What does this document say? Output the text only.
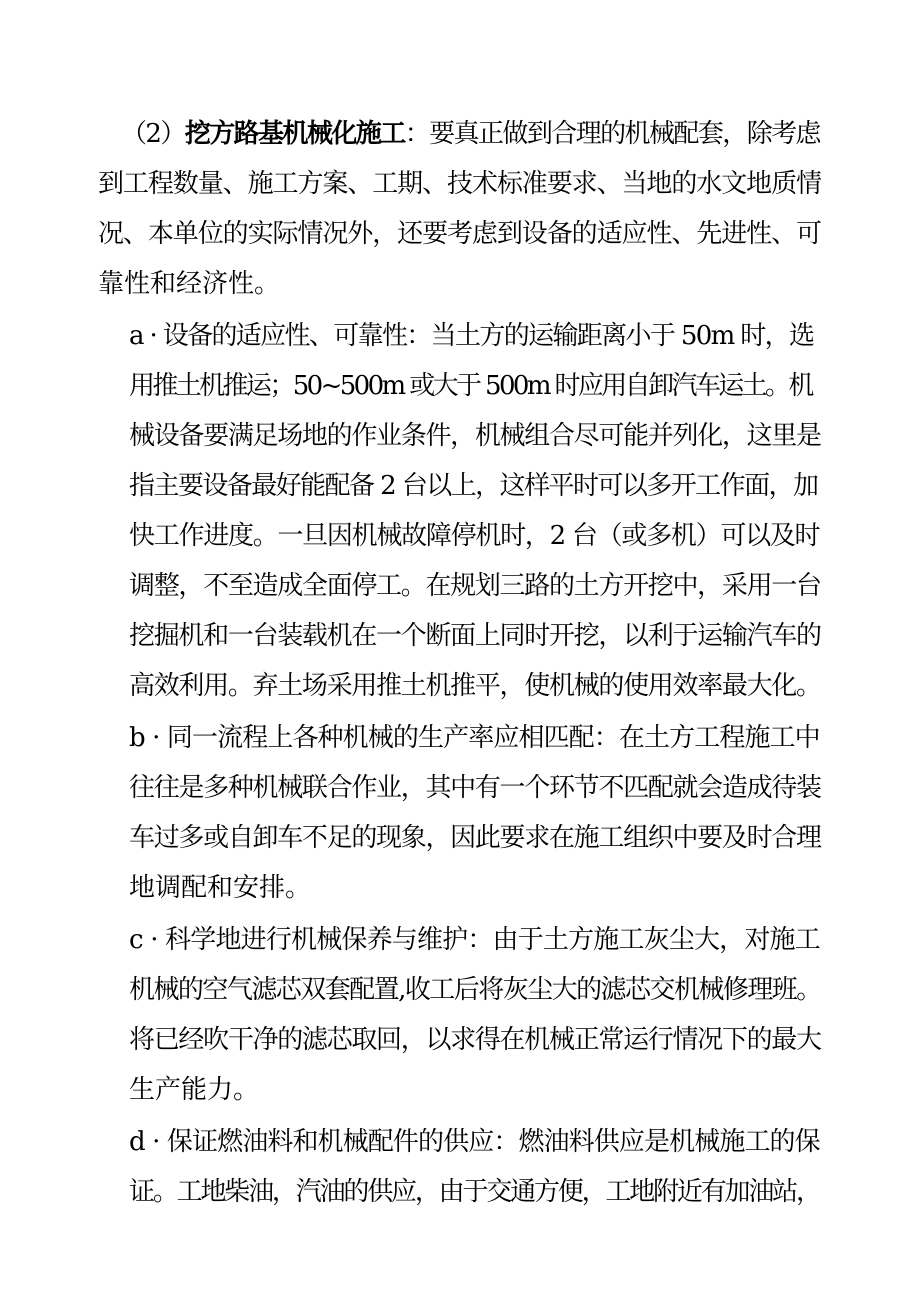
（2）挖方路基机械化施工：要真正做到合理的机械配套，除考虑

到工程数量、施工方案、工期、技术标准要求、当地的水文地质情

况、本单位的实际情况外，还要考虑到设备的适应性、先进性、可

靠性和经济性。

a · 设备的适应性、可靠性：当土方的运输距离小于 50m 时，选

用推土机推运；50~500m 或大于 500m 时应用自卸汽车运土。机

械设备要满足场地的作业条件，机械组合尽可能并列化，这里是

指主要设备最好能配备 2 台以上，这样平时可以多开工作面，加

快工作进度。一旦因机械故障停机时，2 台（或多机）可以及时

调整，不至造成全面停工。在规划三路的土方开挖中，采用一台

挖掘机和一台装载机在一个断面上同时开挖，以利于运输汽车的

高效利用。弃土场采用推土机推平，使机械的使用效率最大化。

b · 同一流程上各种机械的生产率应相匹配：在土方工程施工中

往往是多种机械联合作业，其中有一个环节不匹配就会造成待装

车过多或自卸车不足的现象，因此要求在施工组织中要及时合理

地调配和安排。

c · 科学地进行机械保养与维护：由于土方施工灰尘大，对施工

机械的空气滤芯双套配置,收工后将灰尘大的滤芯交机械修理班。

将已经吹干净的滤芯取回，以求得在机械正常运行情况下的最大

生产能力。

d · 保证燃油料和机械配件的供应：燃油料供应是机械施工的保

证。工地柴油，汽油的供应，由于交通方便，工地附近有加油站，
